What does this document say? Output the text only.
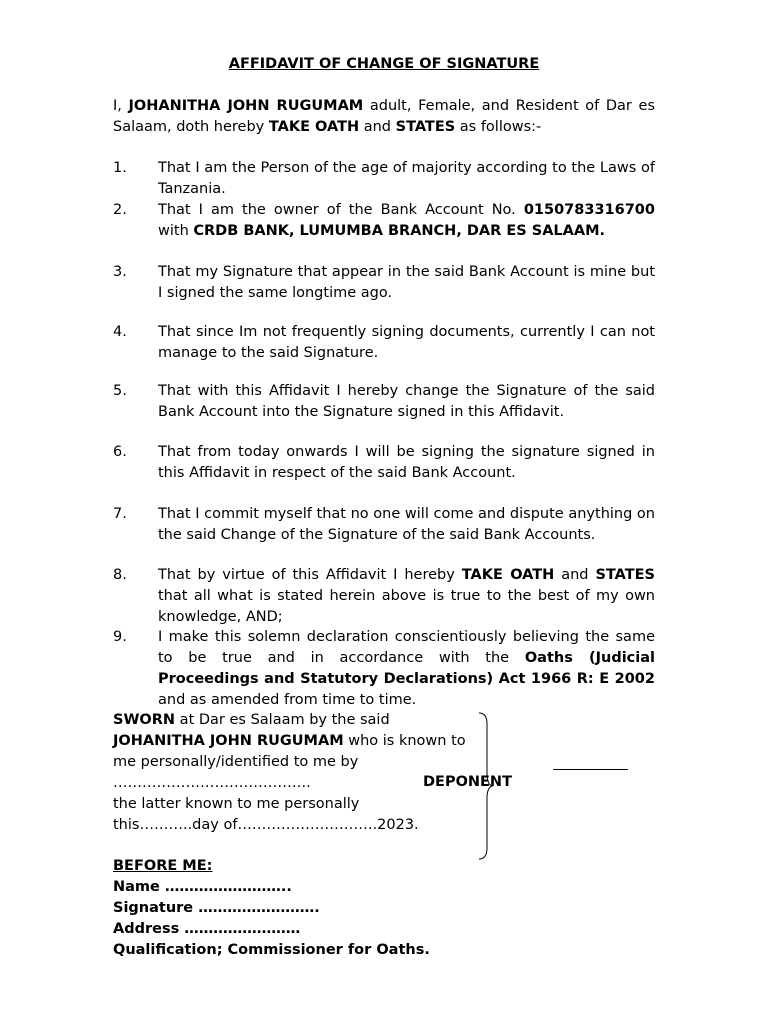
AFFIDAVIT OF CHANGE OF SIGNATURE
I, JOHANITHA JOHN RUGUMAM adult, Female, and Resident of Dar es Salaam, doth hereby TAKE OATH and STATES as follows:-
1. That I am the Person of the age of majority according to the Laws of Tanzania.
2. That I am the owner of the Bank Account No. 0150783316700 with CRDB BANK, LUMUMBA BRANCH, DAR ES SALAAM.
3. That my Signature that appear in the said Bank Account is mine but I signed the same longtime ago.
4. That since Im not frequently signing documents, currently I can not manage to the said Signature.
5. That with this Affidavit I hereby change the Signature of the said Bank Account into the Signature signed in this Affidavit.
6. That from today onwards I will be signing the signature signed in this Affidavit in respect of the said Bank Account.
7. That I commit myself that no one will come and dispute anything on the said Change of the Signature of the said Bank Accounts.
8. That by virtue of this Affidavit I hereby TAKE OATH and STATES that all what is stated herein above is true to the best of my own knowledge, AND;
9. I make this solemn declaration conscientiously believing the same to be true and in accordance with the Oaths (Judicial Proceedings and Statutory Declarations) Act 1966 R: E 2002 and as amended from time to time.
SWORN at Dar es Salaam by the said
JOHANITHA JOHN RUGUMAM who is known to
me personally/identified to me by
…………………………………..
the latter known to me personally
this………..day of………………………..2023.
DEPONENT
BEFORE ME:
Name ……………………..
Signature …………………….
Address ……………………
Qualification; Commissioner for Oaths.
